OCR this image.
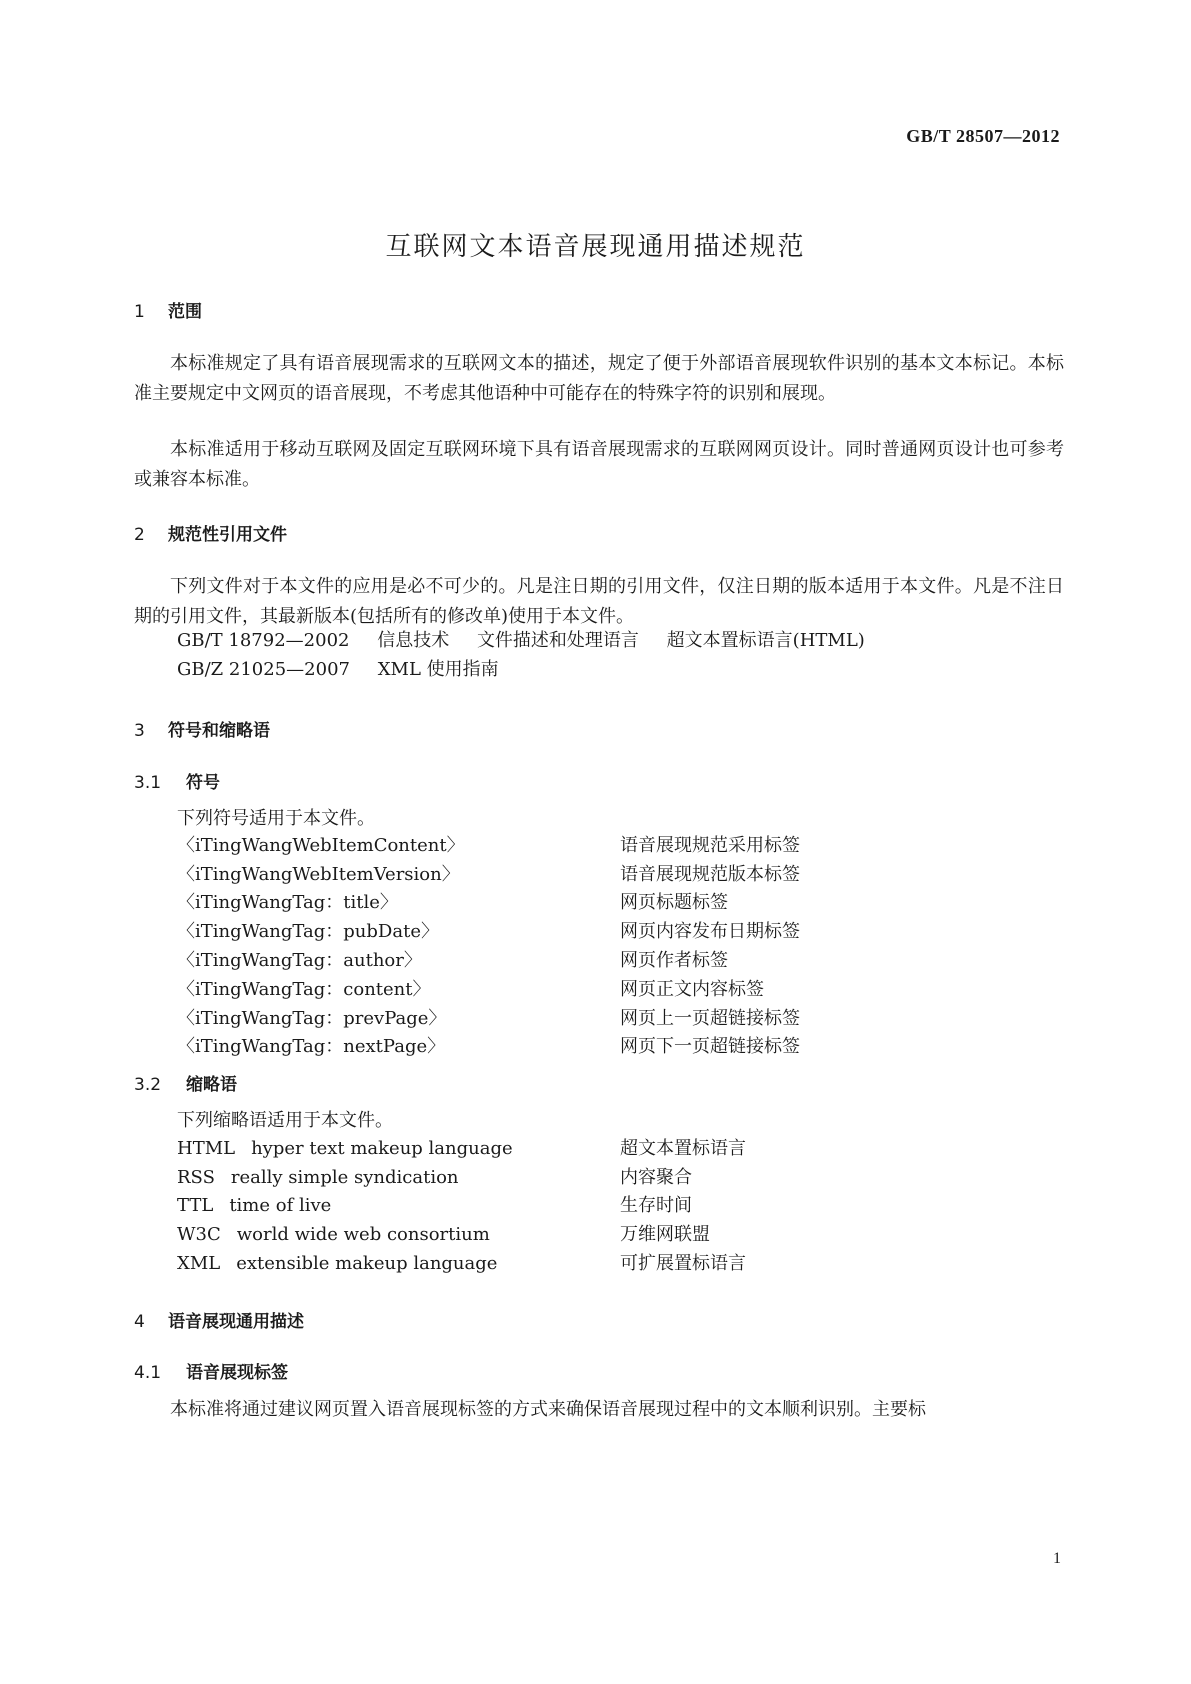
GB/T 28507—2012
互联网文本语音展现通用描述规范
1	范围

本标准规定了具有语音展现需求的互联网文本的描述，规定了便于外部语音展现软件识别的基本文本标记。本标准主要规定中文网页的语音展现，不考虑其他语种中可能存在的特殊字符的识别和展现。

本标准适用于移动互联网及固定互联网环境下具有语音展现需求的互联网网页设计。同时普通网页设计也可参考或兼容本标准。

2	规范性引用文件

下列文件对于本文件的应用是必不可少的。凡是注日期的引用文件，仅注日期的版本适用于本文件。凡是不注日期的引用文件，其最新版本(包括所有的修改单)使用于本文件。

GB/T 18792—2002 信息技术 文件描述和处理语言 超文本置标语言(HTML)
GB/Z 21025—2007 XML 使用指南
3	符号和缩略语
3.1	符号
下列符号适用于本文件。
〈iTingWangWebItemContent〉	语音展现规范采用标签
〈iTingWangWebItemVersion〉	语音展现规范版本标签
〈iTingWangTag：title〉	网页标题标签
〈iTingWangTag：pubDate〉	网页内容发布日期标签
〈iTingWangTag：author〉	网页作者标签
〈iTingWangTag：content〉	网页正文内容标签
〈iTingWangTag：prevPage〉	网页上一页超链接标签
〈iTingWangTag：nextPage〉	网页下一页超链接标签
3.2	缩略语
下列缩略语适用于本文件。
HTML hyper text makeup language	超文本置标语言
RSS really simple syndication	内容聚合
TTL time of live	生存时间
W3C world wide web consortium	万维网联盟
XML extensible makeup language	可扩展置标语言
4	语音展现通用描述
4.1	语音展现标签

本标准将通过建议网页置入语音展现标签的方式来确保语音展现过程中的文本顺利识别。主要标

1
